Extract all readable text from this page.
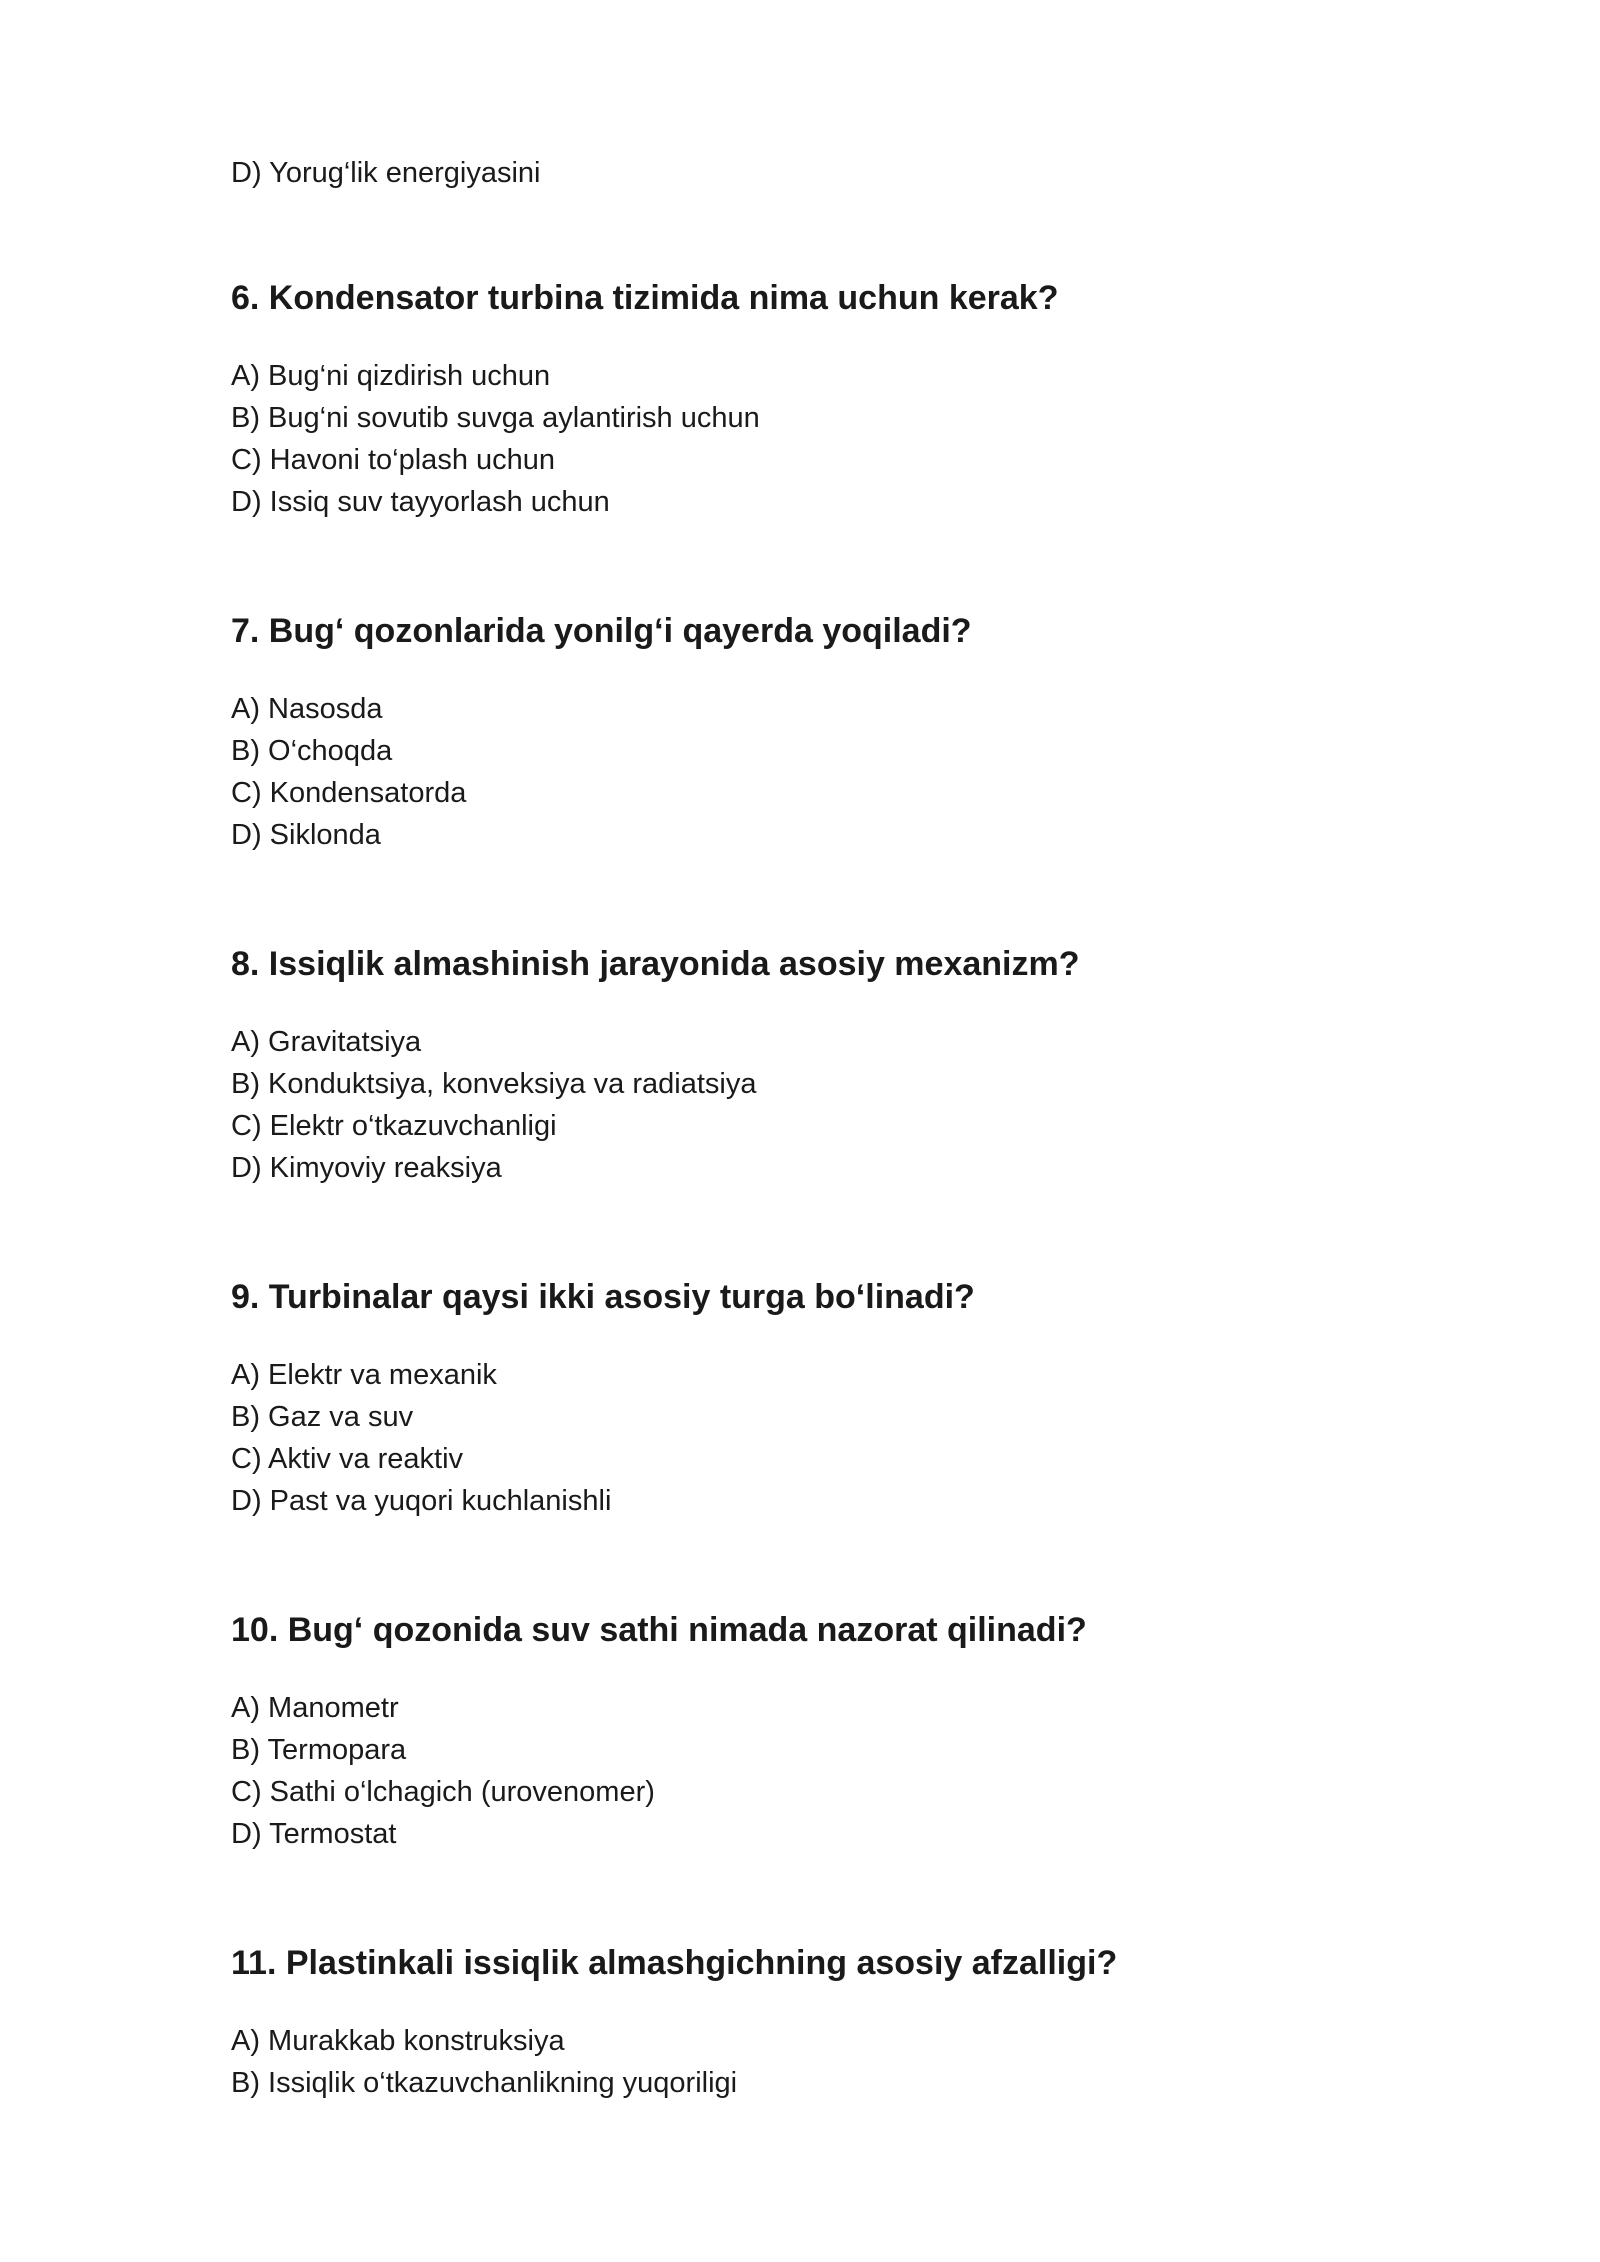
D) Yorug‘lik energiyasini
6. Kondensator turbina tizimida nima uchun kerak?
A) Bug‘ni qizdirish uchun
B) Bug‘ni sovutib suvga aylantirish uchun
C) Havoni to‘plash uchun
D) Issiq suv tayyorlash uchun
7. Bug‘ qozonlarida yonilg‘i qayerda yoqiladi?
A) Nasosda
B) O‘choqda
C) Kondensatorda
D) Siklonda
8. Issiqlik almashinish jarayonida asosiy mexanizm?
A) Gravitatsiya
B) Konduktsiya, konveksiya va radiatsiya
C) Elektr o‘tkazuvchanligi
D) Kimyoviy reaksiya
9. Turbinalar qaysi ikki asosiy turga bo‘linadi?
A) Elektr va mexanik
B) Gaz va suv
C) Aktiv va reaktiv
D) Past va yuqori kuchlanishli
10. Bug‘ qozonida suv sathi nimada nazorat qilinadi?
A) Manometr
B) Termopara
C) Sathi o‘lchagich (urovenomer)
D) Termostat
11. Plastinkali issiqlik almashgichning asosiy afzalligi?
A) Murakkab konstruksiya
B) Issiqlik o‘tkazuvchanlikning yuqoriligi
